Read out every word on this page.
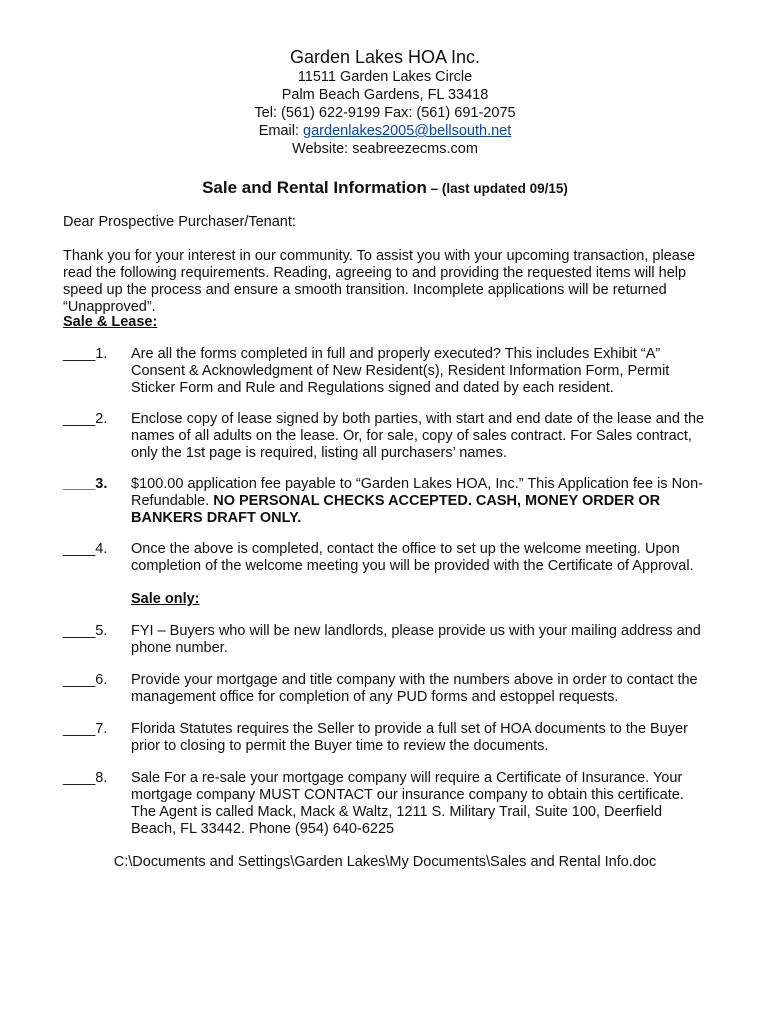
Garden Lakes HOA Inc.
11511 Garden Lakes Circle
Palm Beach Gardens, FL 33418
Tel: (561) 622-9199 Fax: (561) 691-2075
Email: gardenlakes2005@bellsouth.net
Website: seabreezecms.com
Sale and Rental Information – (last updated 09/15)
Dear Prospective Purchaser/Tenant:
Thank you for your interest in our community. To assist you with your upcoming transaction, please read the following requirements. Reading, agreeing to and providing the requested items will help speed up the process and ensure a smooth transition. Incomplete applications will be returned “Unapproved”.
Sale & Lease:
____1.	Are all the forms completed in full and properly executed? This includes Exhibit “A” Consent & Acknowledgment of New Resident(s), Resident Information Form, Permit Sticker Form and Rule and Regulations signed and dated by each resident.
____2.	Enclose copy of lease signed by both parties, with start and end date of the lease and the names of all adults on the lease. Or, for sale, copy of sales contract. For Sales contract, only the 1st page is required, listing all purchasers’ names.
____3.	$100.00 application fee payable to “Garden Lakes HOA, Inc.” This Application fee is Non-Refundable. NO PERSONAL CHECKS ACCEPTED. CASH, MONEY ORDER OR BANKERS DRAFT ONLY.
____4.	Once the above is completed, contact the office to set up the welcome meeting. Upon completion of the welcome meeting you will be provided with the Certificate of Approval.
Sale only:
____5.	FYI – Buyers who will be new landlords, please provide us with your mailing address and phone number.
____6.	Provide your mortgage and title company with the numbers above in order to contact the management office for completion of any PUD forms and estoppel requests.
____7.	Florida Statutes requires the Seller to provide a full set of HOA documents to the Buyer prior to closing to permit the Buyer time to review the documents.
____8.	Sale For a re-sale your mortgage company will require a Certificate of Insurance. Your mortgage company MUST CONTACT our insurance company to obtain this certificate. The Agent is called Mack, Mack & Waltz, 1211 S. Military Trail, Suite 100, Deerfield Beach, FL 33442. Phone (954) 640-6225
C:\Documents and Settings\Garden Lakes\My Documents\Sales and Rental Info.doc
